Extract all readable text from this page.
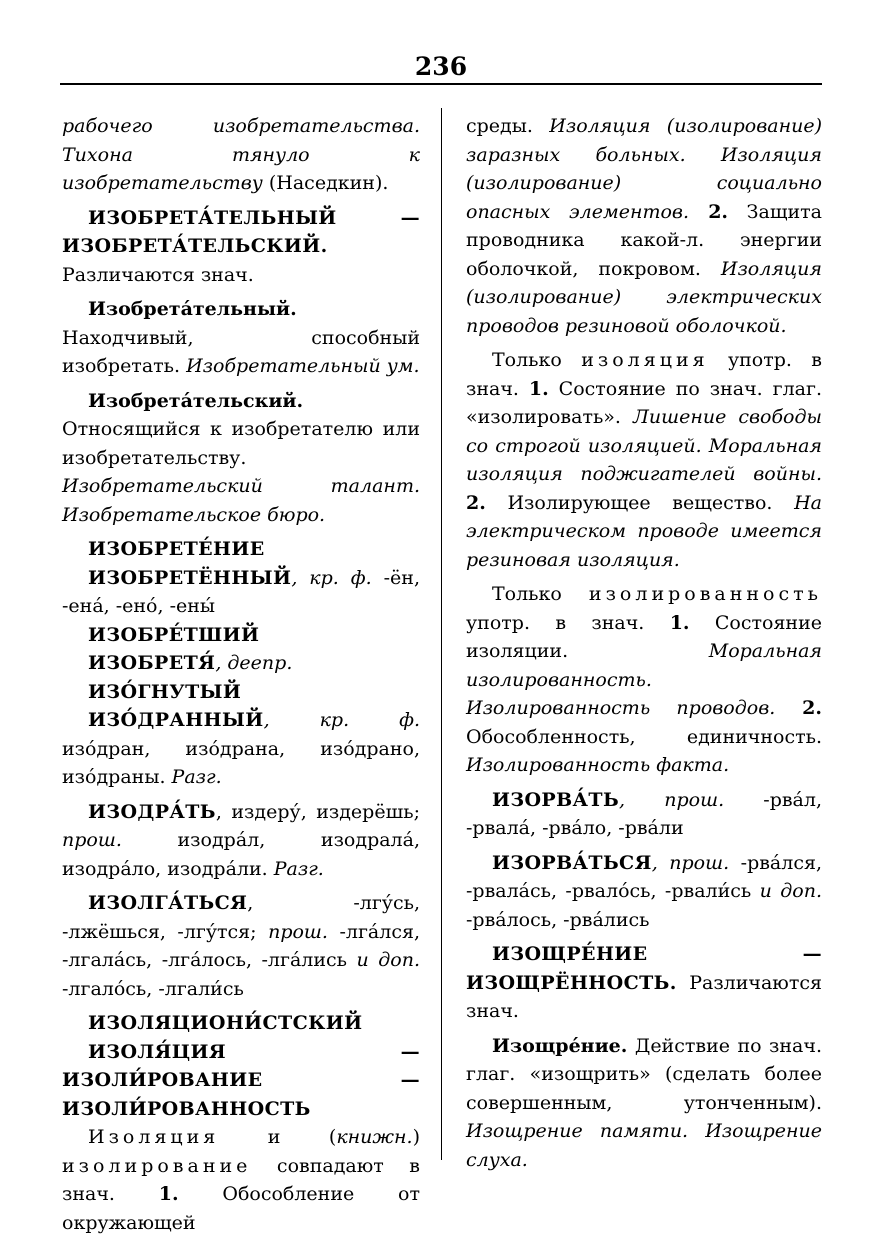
236

рабочего изобретательства. Тихона тянуло к изобретательству (Наседкин).

ИЗОБРЕТА́ТЕЛЬНЫЙ — ИЗОБРЕТА́ТЕЛЬСКИЙ. Различаются знач.

Изобрета́тельный. Находчивый, способный изобретать. Изобретательный ум.

Изобрета́тельский. Относящийся к изобретателю или изобретательству. Изобретательский талант. Изобретательское бюро.

ИЗОБРЕТЕ́НИЕ

ИЗОБРЕТЁННЫЙ, кр. ф. -ён, -ена́, -ено́, -ены́

ИЗОБРЕ́ТШИЙ

ИЗОБРЕТЯ́, деепр.

ИЗО́ГНУТЫЙ

ИЗО́ДРАННЫЙ, кр. ф. изо́дран, изо́драна, изо́драно, изо́драны. Разг.

ИЗОДРА́ТЬ, издеру́, издерёшь; прош. изодра́л, изодрала́, изодра́ло, изодра́ли. Разг.

ИЗОЛГА́ТЬСЯ, -лгу́сь, -лжёшься, -лгу́тся; прош. -лга́лся, -лгала́сь, -лга́лось, -лга́лись и доп. -лгало́сь, -лгали́сь

ИЗОЛЯЦИОНИ́СТСКИЙ

ИЗОЛЯ́ЦИЯ — ИЗОЛИ́РОВАНИЕ — ИЗОЛИ́РОВАННОСТЬ

Изоляция и (книжн.) изолирование совпадают в знач. 1. Обособление от окружающей

среды. Изоляция (изолирование) заразных больных. Изоляция (изолирование) социально опасных элементов. 2. Защита проводника какой-л. энергии оболочкой, покровом. Изоляция (изолирование) электрических проводов резиновой оболочкой.

Только изоляция употр. в знач. 1. Состояние по знач. глаг. «изолировать». Лишение свободы со строгой изоляцией. Моральная изоляция поджигателей войны. 2. Изолирующее вещество. На электрическом проводе имеется резиновая изоляция.

Только изолированность употр. в знач. 1. Состояние изоляции. Моральная изолированность. Изолированность проводов. 2. Обособленность, единичность. Изолированность факта.

ИЗОРВА́ТЬ, прош. -рва́л, -рвала́, -рва́ло, -рва́ли

ИЗОРВА́ТЬСЯ, прош. -рва́лся, -рвала́сь, -рвало́сь, -рвали́сь и доп. -рва́лось, -рва́лись

ИЗОЩРЕ́НИЕ — ИЗОЩРЁННОСТЬ. Различаются знач.

Изощре́ние. Действие по знач. глаг. «изощрить» (сделать более совершенным, утонченным). Изощрение памяти. Изощрение слуха.
